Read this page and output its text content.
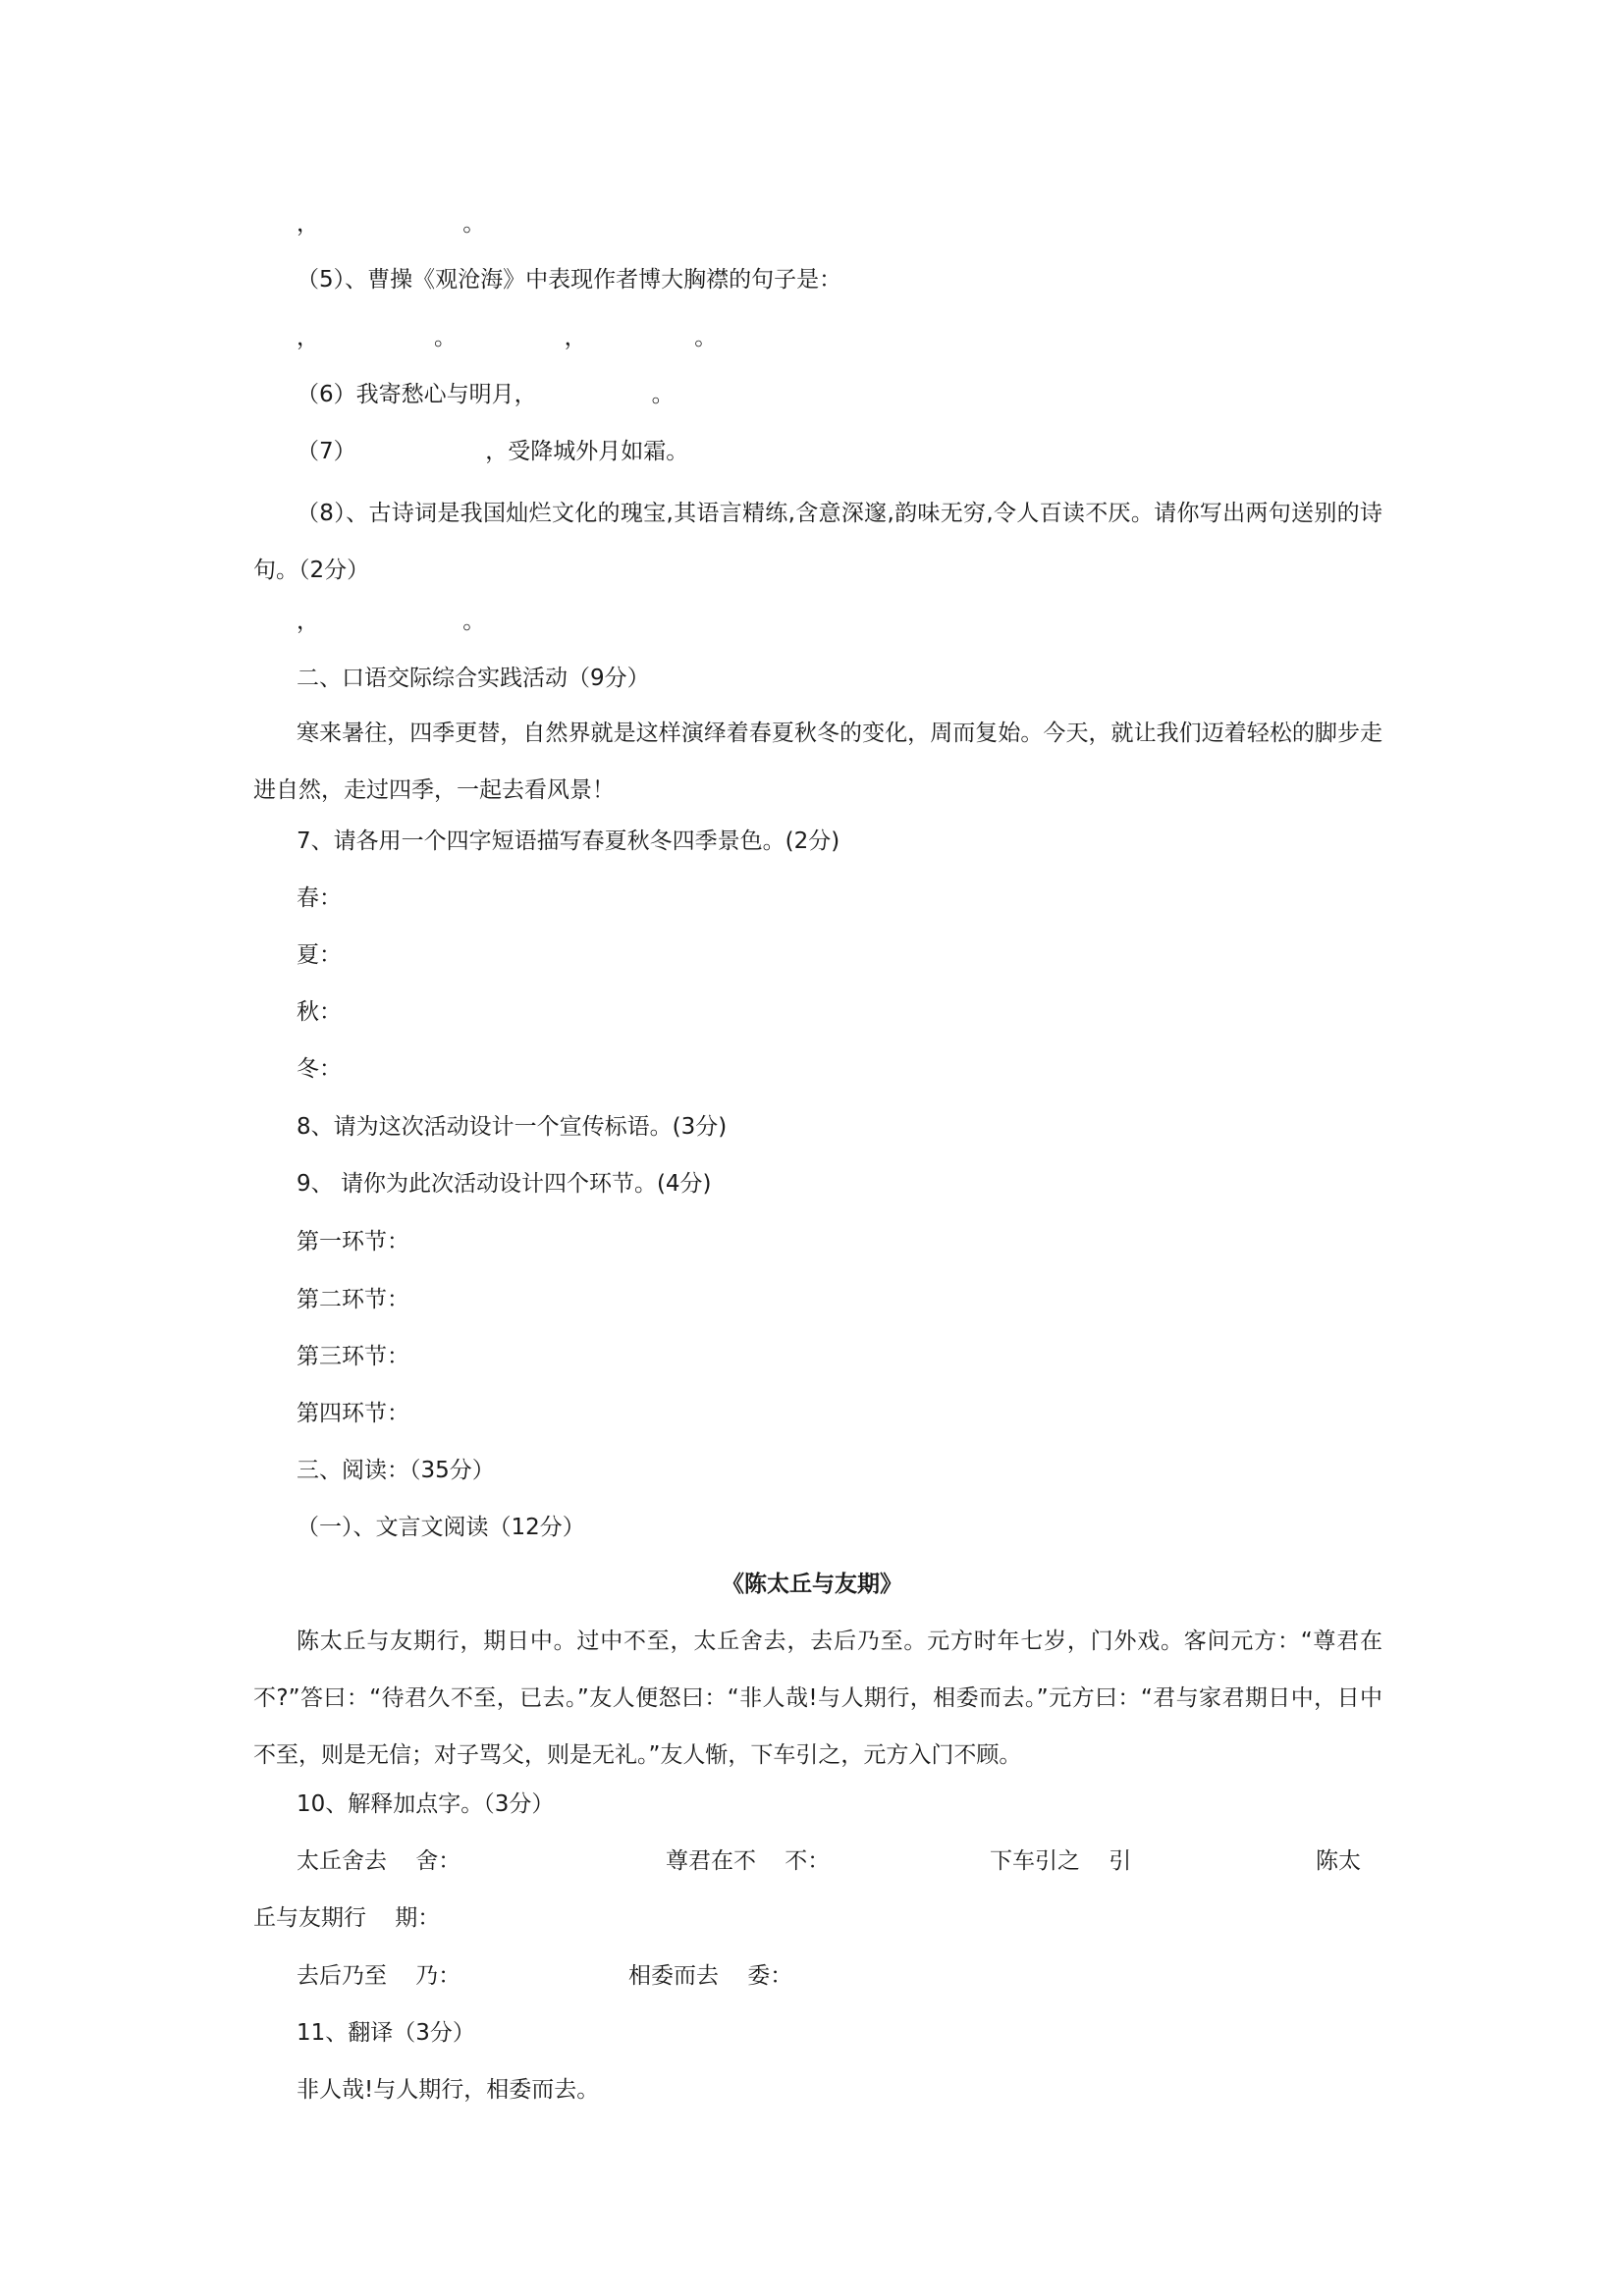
，                    。
（5）、曹操《观沧海》中表现作者博大胸襟的句子是：
，                。               ，               。
（6）我寄愁心与明月，                。
（7）                  ，受降城外月如霜。
（8）、古诗词是我国灿烂文化的瑰宝,其语言精练,含意深邃,韵味无穷,令人百读不厌。请你写出两句送别的诗句。（2分）
，                    。
二、口语交际综合实践活动（9分）
寒来暑往，四季更替，自然界就是这样演绎着春夏秋冬的变化，周而复始。今天，就让我们迈着轻松的脚步走进自然，走过四季，一起去看风景！
7、请各用一个四字短语描写春夏秋冬四季景色。(2分)
春：
夏：
秋：
冬：
8、请为这次活动设计一个宣传标语。(3分)
9、 请你为此次活动设计四个环节。(4分)
第一环节：
第二环节：
第三环节：
第四环节：
三、阅读：（35分）
（一）、文言文阅读（12分）
《陈太丘与友期》
陈太丘与友期行，期日中。过中不至，太丘舍去，去后乃至。元方时年七岁，门外戏。客问元方：“尊君在不?”答曰：“待君久不至，已去。”友人便怒曰：“非人哉!与人期行，相委而去。”元方曰：“君与家君期日中，日中不至，则是无信；对子骂父，则是无礼。”友人惭，下车引之，元方入门不顾。
10、解释加点字。（3分）
太丘舍去    舍：	尊君在不    不：	下车引之    引	陈太
丘与友期行    期：
去后乃至    乃：	相委而去    委：
11、翻译（3分）
非人哉!与人期行，相委而去。
